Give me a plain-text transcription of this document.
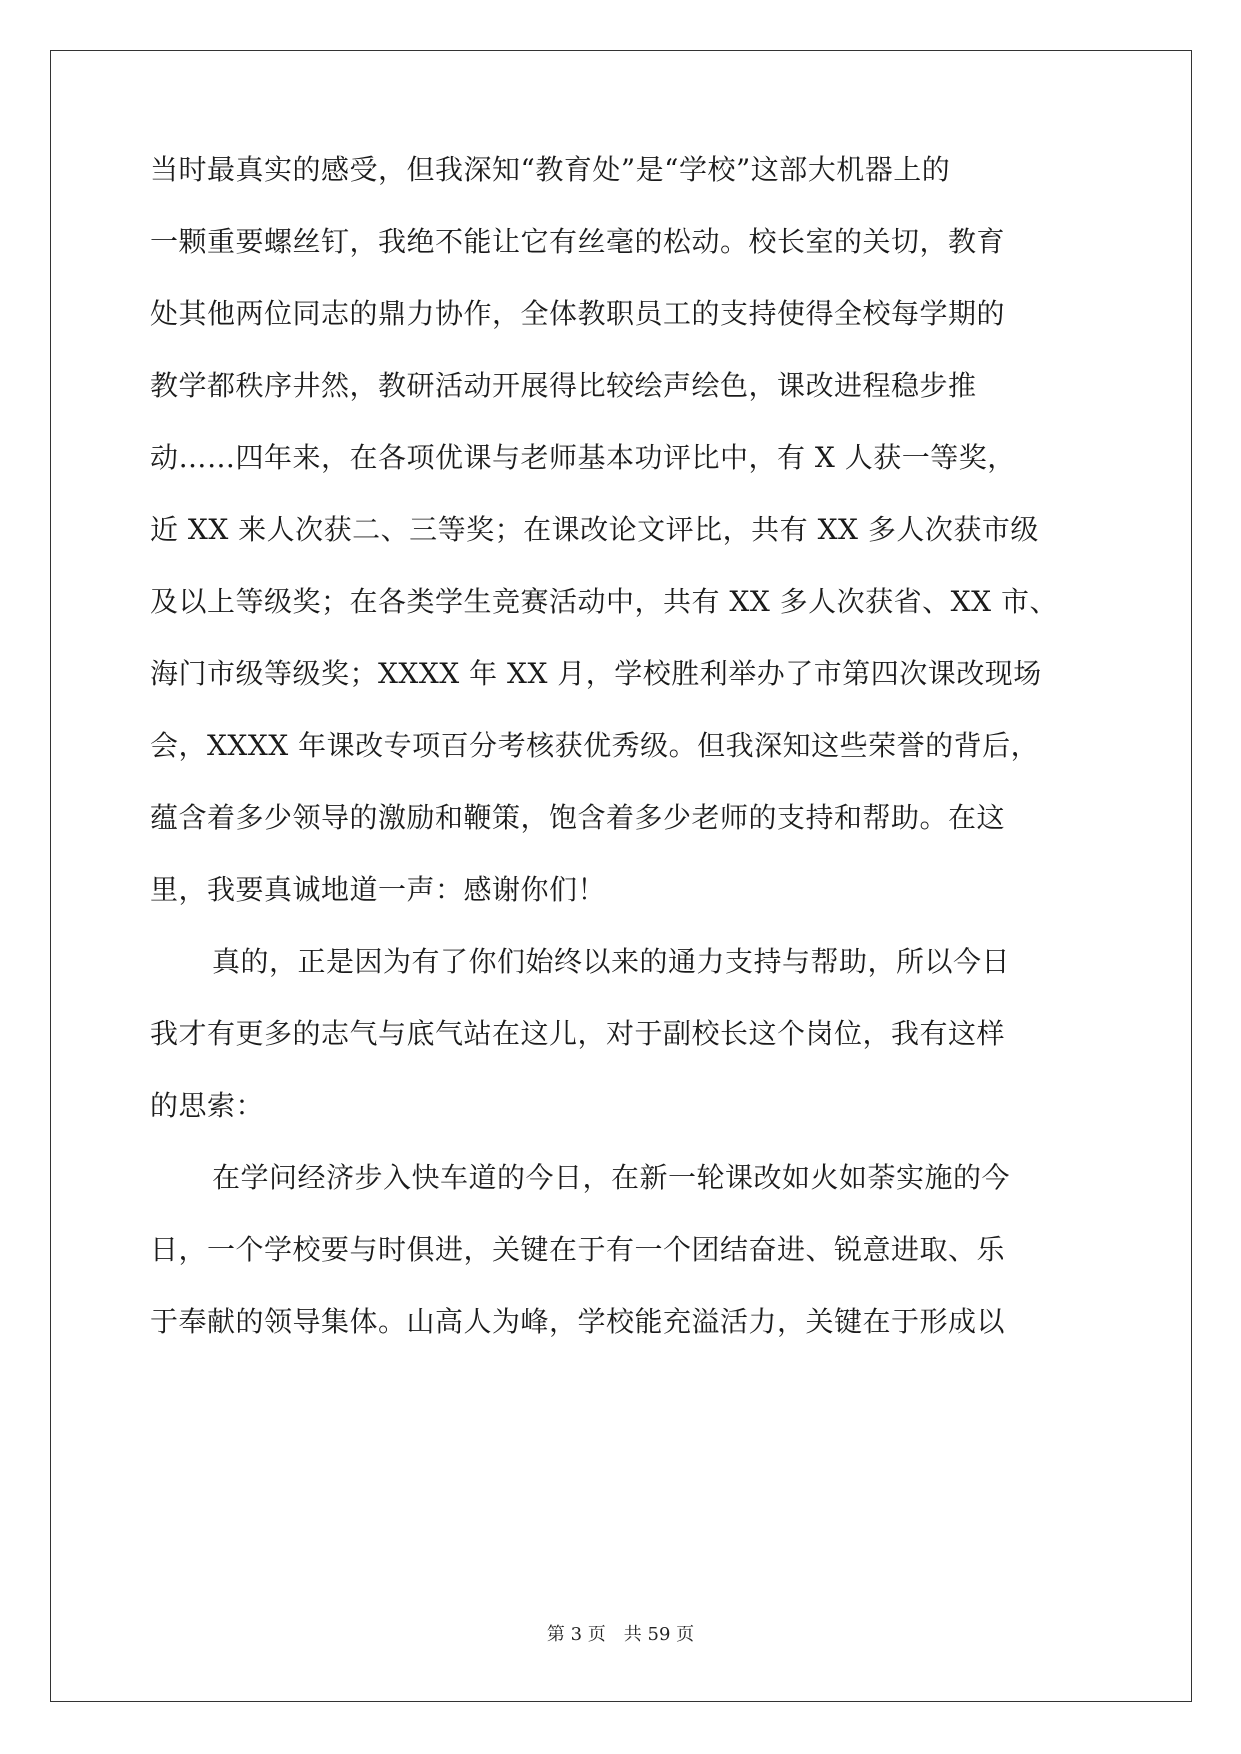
当时最真实的感受，但我深知“教育处”是“学校”这部大机器上的
一颗重要螺丝钉，我绝不能让它有丝毫的松动。校长室的关切，教育
处其他两位同志的鼎力协作，全体教职员工的支持使得全校每学期的
教学都秩序井然，教研活动开展得比较绘声绘色，课改进程稳步推
动……四年来，在各项优课与老师基本功评比中，有 X 人获一等奖，
近 XX 来人次获二、三等奖；在课改论文评比，共有 XX 多人次获市级
及以上等级奖；在各类学生竞赛活动中，共有 XX 多人次获省、XX 市、
海门市级等级奖；XXXX 年 XX 月，学校胜利举办了市第四次课改现场
会，XXXX 年课改专项百分考核获优秀级。但我深知这些荣誉的背后，
蕴含着多少领导的激励和鞭策，饱含着多少老师的支持和帮助。在这
里，我要真诚地道一声：感谢你们！
真的，正是因为有了你们始终以来的通力支持与帮助，所以今日
我才有更多的志气与底气站在这儿，对于副校长这个岗位，我有这样
的思索：
在学问经济步入快车道的今日，在新一轮课改如火如荼实施的今
日，一个学校要与时俱进，关键在于有一个团结奋进、锐意进取、乐
于奉献的领导集体。山高人为峰，学校能充溢活力，关键在于形成以
第 3 页　共 59 页
